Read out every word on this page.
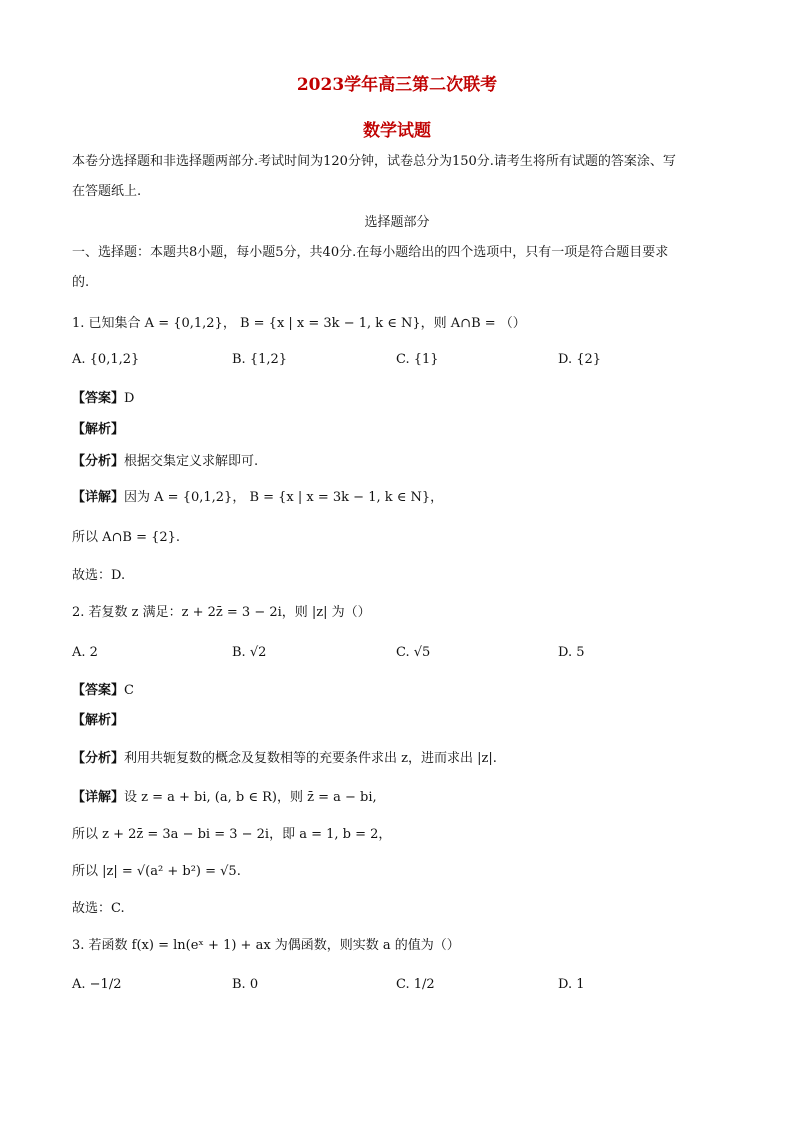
2023学年高三第二次联考
数学试题
本卷分选择题和非选择题两部分.考试时间为120分钟，试卷总分为150分.请考生将所有试题的答案涂、写
在答题纸上.
选择题部分
一、选择题：本题共8小题，每小题5分，共40分.在每小题给出的四个选项中，只有一项是符合题目要求
的.
1. 已知集合 A = {0,1,2}， B = {x | x = 3k − 1, k ∈ N}，则 A∩B = （）
A. {0,1,2}	B. {1,2}	C. {1}	D. {2}
【答案】D
【解析】
【分析】根据交集定义求解即可.
【详解】因为 A = {0,1,2}， B = {x | x = 3k − 1, k ∈ N}，
所以 A∩B = {2}.
故选：D.
2. 若复数 z 满足：z + 2z̄ = 3 − 2i，则 |z| 为（）
A. 2	B. √2	C. √5	D. 5
【答案】C
【解析】
【分析】利用共轭复数的概念及复数相等的充要条件求出 z，进而求出 |z|.
【详解】设 z = a + bi, (a, b ∈ R)，则 z̄ = a − bi,
所以 z + 2z̄ = 3a − bi = 3 − 2i，即 a = 1, b = 2，
所以 |z| = √(a² + b²) = √5.
故选：C.
3. 若函数 f(x) = ln(eˣ + 1) + ax 为偶函数，则实数 a 的值为（）
A. −1/2	B. 0	C. 1/2	D. 1
